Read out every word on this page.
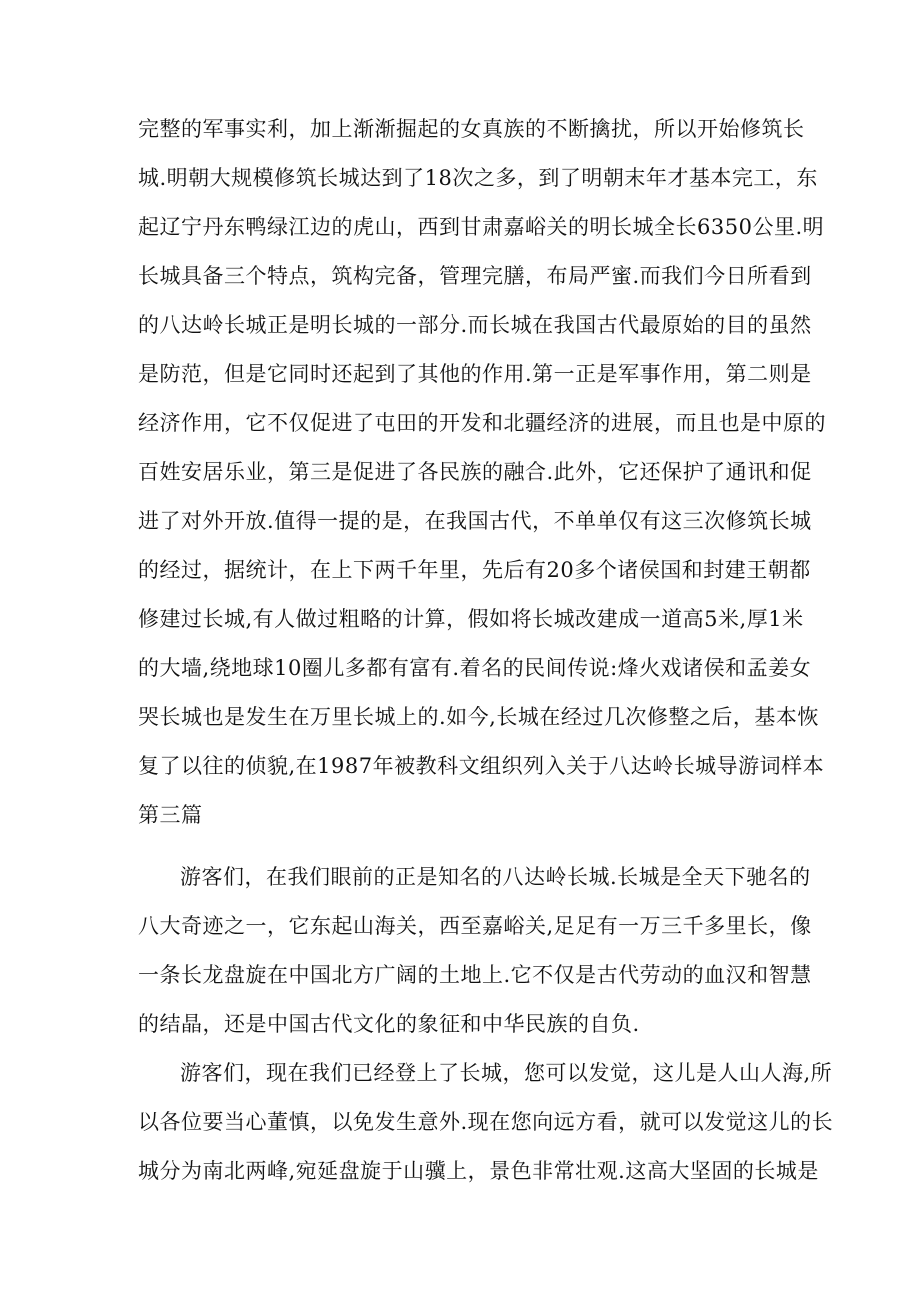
完整的军事实利，加上渐渐掘起的女真族的不断擒扰，所以开始修筑长
城.明朝大规模修筑长城达到了18次之多，到了明朝末年才基本完工，东
起辽宁丹东鸭绿江边的虎山，西到甘肃嘉峪关的明长城全长6350公里.明
长城具备三个特点，筑构完备，管理完膳，布局严蜜.而我们今日所看到
的八达岭长城正是明长城的一部分.而长城在我国古代最原始的目的虽然
是防范，但是它同时还起到了其他的作用.第一正是军事作用，第二则是
经济作用，它不仅促进了屯田的开发和北疆经济的进展，而且也是中原的
百姓安居乐业，第三是促进了各民族的融合.此外，它还保护了通讯和促
进了对外开放.值得一提的是，在我国古代，不单单仅有这三次修筑长城
的经过，据统计，在上下两千年里，先后有20多个诸侯国和封建王朝都
修建过长城,有人做过粗略的计算，假如将长城改建成一道高5米,厚1米
的大墙,绕地球10圈儿多都有富有.着名的民间传说:烽火戏诸侯和孟姜女
哭长城也是发生在万里长城上的.如今,长城在经过几次修整之后，基本恢
复了以往的侦貌,在1987年被教科文组织列入关于八达岭长城导游词样本
第三篇
游客们，在我们眼前的正是知名的八达岭长城.长城是全天下驰名的
八大奇迹之一，它东起山海关，西至嘉峪关,足足有一万三千多里长，像
一条长龙盘旋在中国北方广阔的土地上.它不仅是古代劳动的血汉和智慧
的结晶，还是中国古代文化的象征和中华民族的自负.
游客们，现在我们已经登上了长城，您可以发觉，这儿是人山人海,所
以各位要当心董慎，以免发生意外.现在您向远方看，就可以发觉这儿的长
城分为南北两峰,宛延盘旋于山骥上，景色非常壮观.这高大坚固的长城是
